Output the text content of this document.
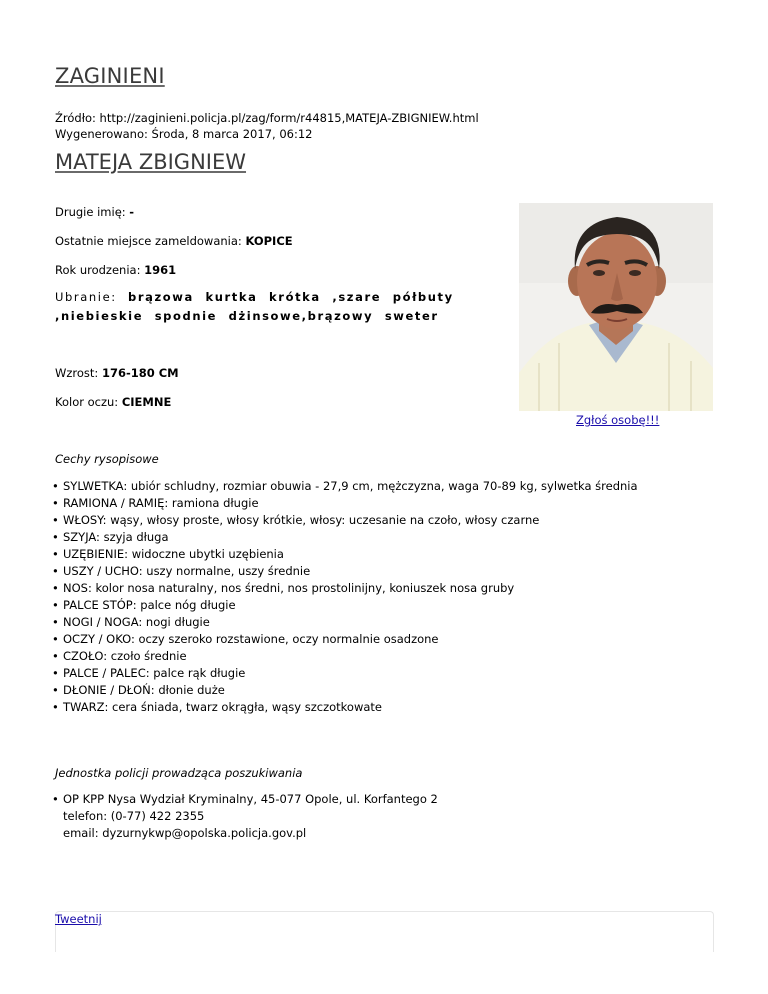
ZAGINIENI
Źródło: http://zaginieni.policja.pl/zag/form/r44815,MATEJA-ZBIGNIEW.html
Wygenerowano: Środa, 8 marca 2017, 06:12
MATEJA ZBIGNIEW
Drugie imię: -
Ostatnie miejsce zameldowania: KOPICE
Rok urodzenia: 1961
Ubranie: brązowa kurtka krótka ,szare półbuty ,niebieskie spodnie dżinsowe,brązowy sweter
Wzrost: 176-180 CM
Kolor oczu: CIEMNE
Zgłoś osobę!!!
Cechy rysopisowe
• SYLWETKA: ubiór schludny, rozmiar obuwia - 27,9 cm, mężczyzna, waga 70-89 kg, sylwetka średnia
• RAMIONA / RAMIĘ: ramiona długie
• WŁOSY: wąsy, włosy proste, włosy krótkie, włosy: uczesanie na czoło, włosy czarne
• SZYJA: szyja długa
• UZĘBIENIE: widoczne ubytki uzębienia
• USZY / UCHO: uszy normalne, uszy średnie
• NOS: kolor nosa naturalny, nos średni, nos prostolinijny, koniuszek nosa gruby
• PALCE STÓP: palce nóg długie
• NOGI / NOGA: nogi długie
• OCZY / OKO: oczy szeroko rozstawione, oczy normalnie osadzone
• CZOŁO: czoło średnie
• PALCE / PALEC: palce rąk długie
• DŁONIE / DŁOŃ: dłonie duże
• TWARZ: cera śniada, twarz okrągła, wąsy szczotkowate
Jednostka policji prowadząca poszukiwania
• OP KPP Nysa Wydział Kryminalny, 45-077 Opole, ul. Korfantego 2
telefon: (0-77) 422 2355
email: dyzurnykwp@opolska.policja.gov.pl
Tweetnij
